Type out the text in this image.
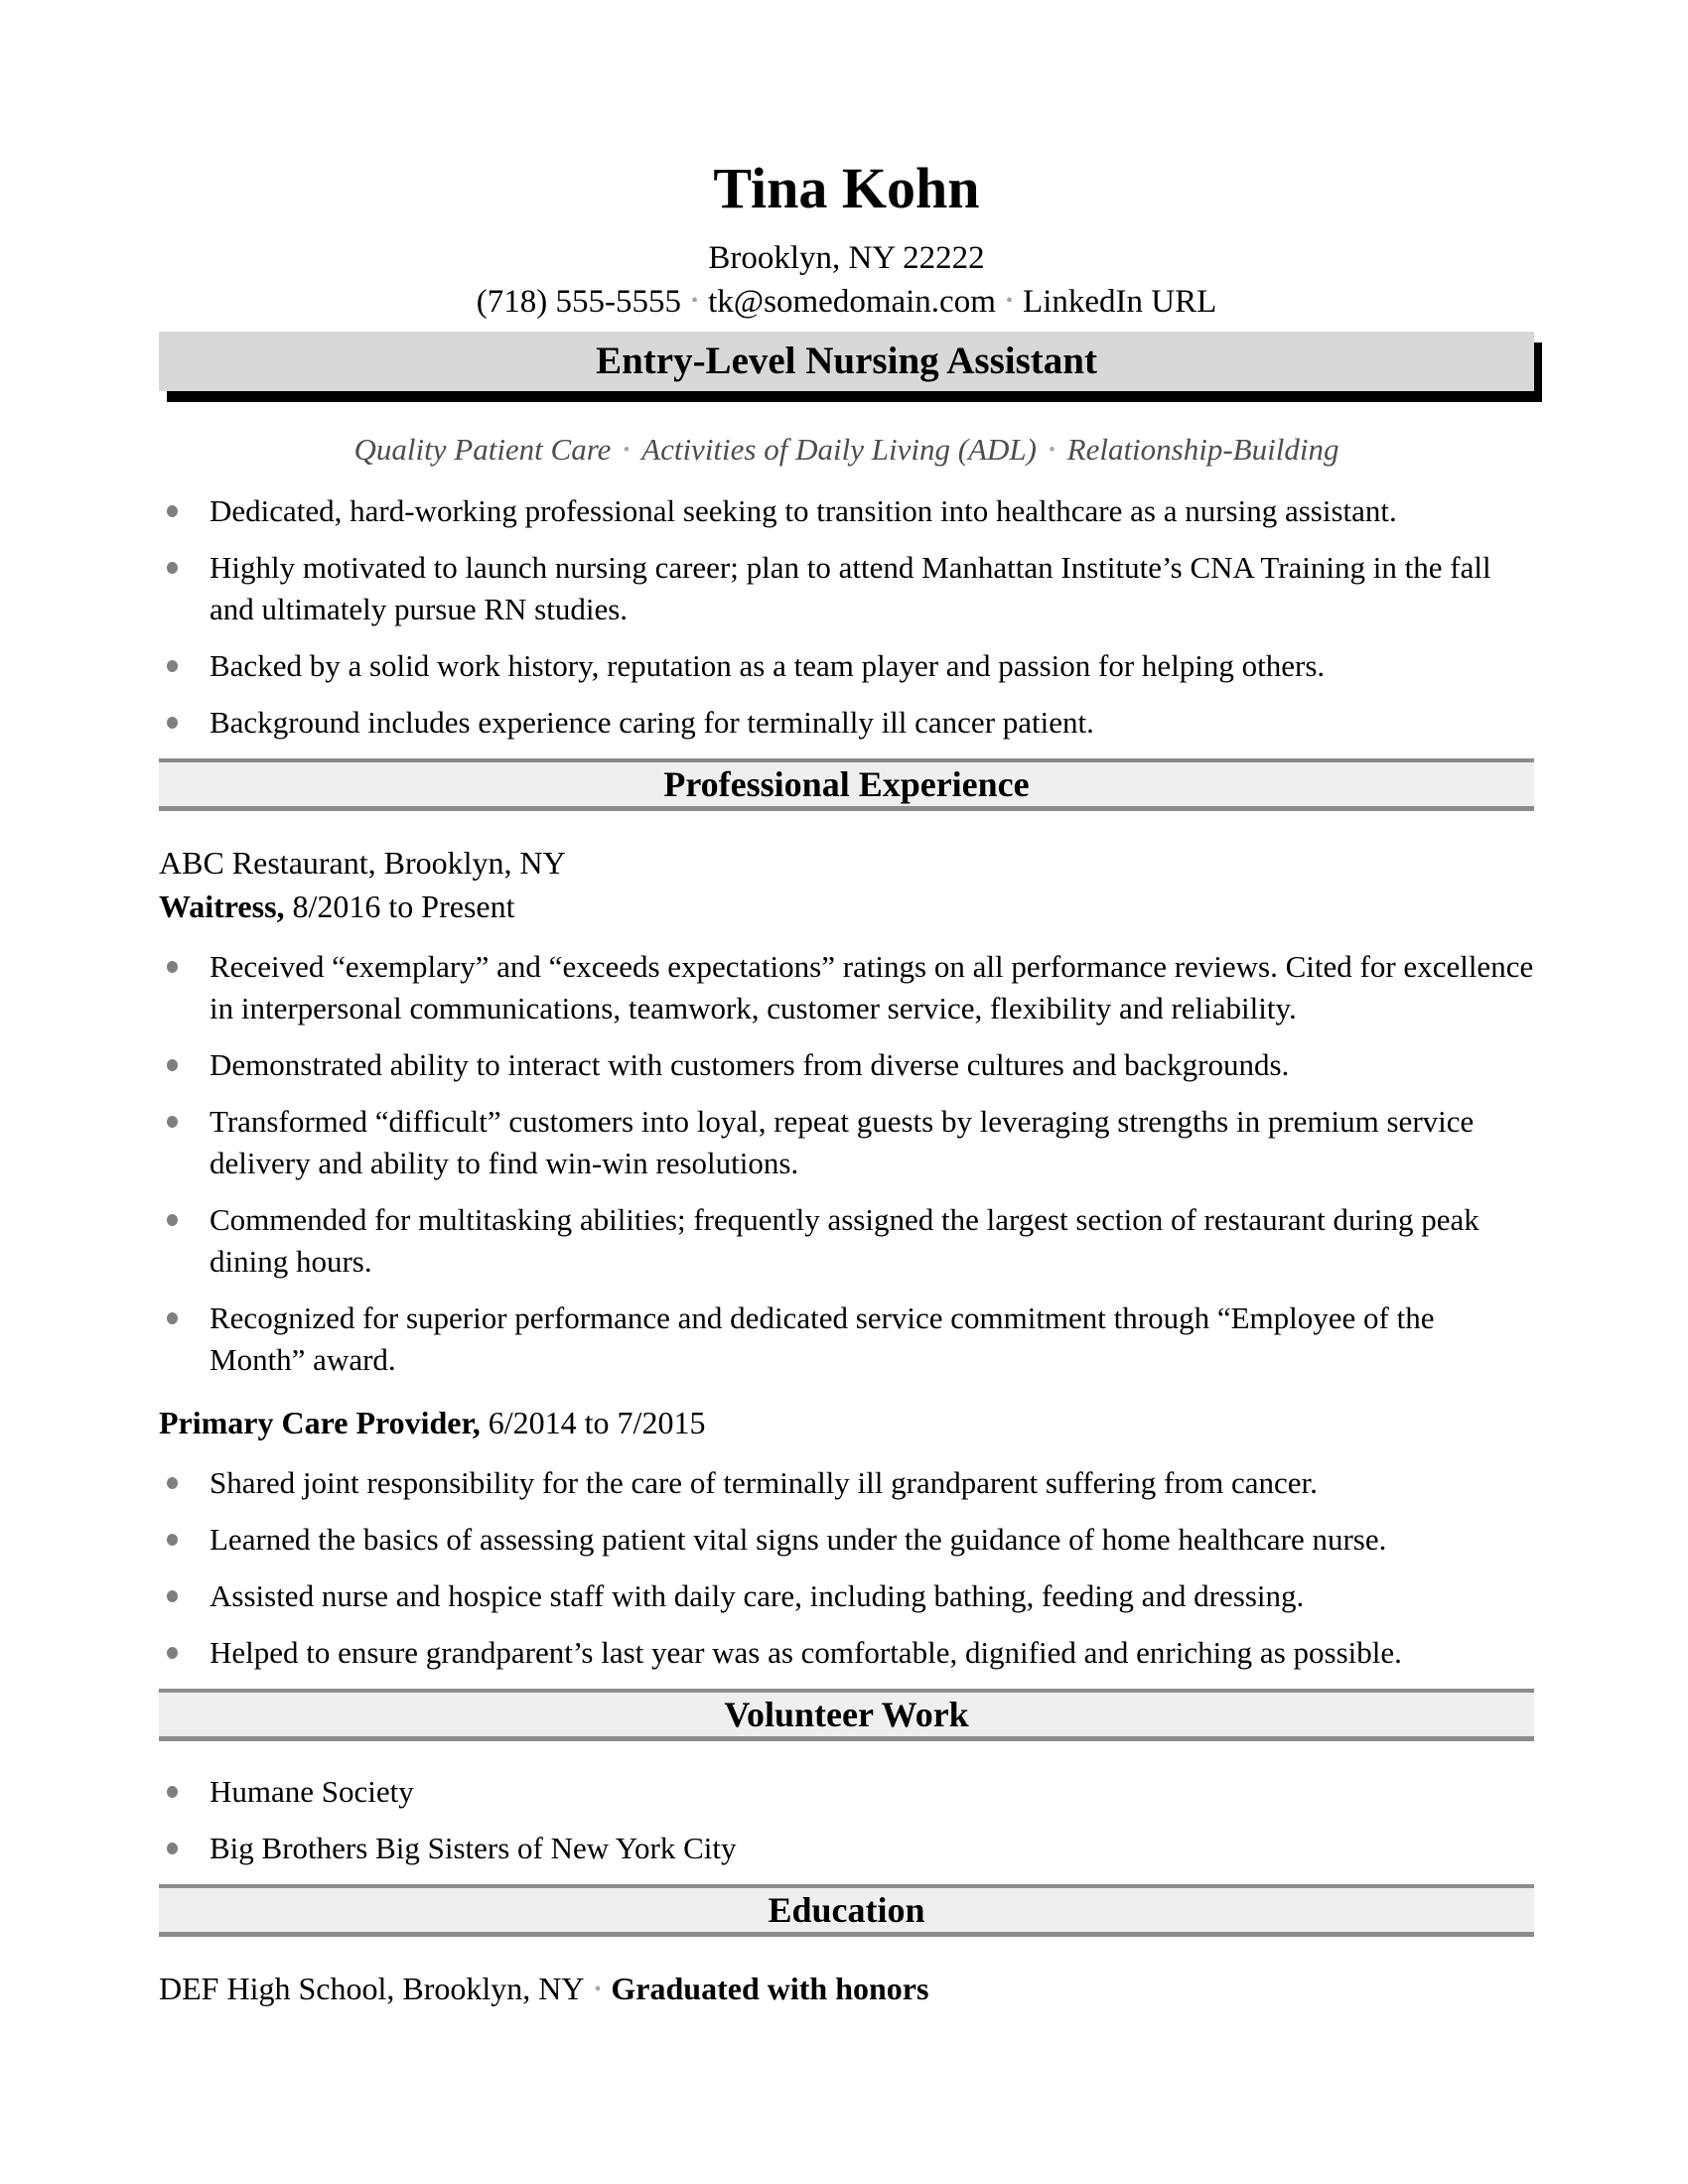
Tina Kohn
Brooklyn, NY 22222
(718) 555-5555 • tk@somedomain.com • LinkedIn URL
Entry-Level Nursing Assistant

Quality Patient Care • Activities of Daily Living (ADL) • Relationship-Building

Dedicated, hard-working professional seeking to transition into healthcare as a nursing assistant.
Highly motivated to launch nursing career; plan to attend Manhattan Institute’s CNA Training in the fall and ultimately pursue RN studies.
Backed by a solid work history, reputation as a team player and passion for helping others.
Background includes experience caring for terminally ill cancer patient.
Professional Experience

ABC Restaurant, Brooklyn, NY

Waitress, 8/2016 to Present

Received “exemplary” and “exceeds expectations” ratings on all performance reviews. Cited for excellence in interpersonal communications, teamwork, customer service, flexibility and reliability.
Demonstrated ability to interact with customers from diverse cultures and backgrounds.
Transformed “difficult” customers into loyal, repeat guests by leveraging strengths in premium service delivery and ability to find win-win resolutions.
Commended for multitasking abilities; frequently assigned the largest section of restaurant during peak dining hours.
Recognized for superior performance and dedicated service commitment through “Employee of the Month” award.

Primary Care Provider, 6/2014 to 7/2015

Shared joint responsibility for the care of terminally ill grandparent suffering from cancer.
Learned the basics of assessing patient vital signs under the guidance of home healthcare nurse.
Assisted nurse and hospice staff with daily care, including bathing, feeding and dressing.
Helped to ensure grandparent’s last year was as comfortable, dignified and enriching as possible.
Volunteer Work
Humane Society
Big Brothers Big Sisters of New York City
Education

DEF High School, Brooklyn, NY • Graduated with honors
